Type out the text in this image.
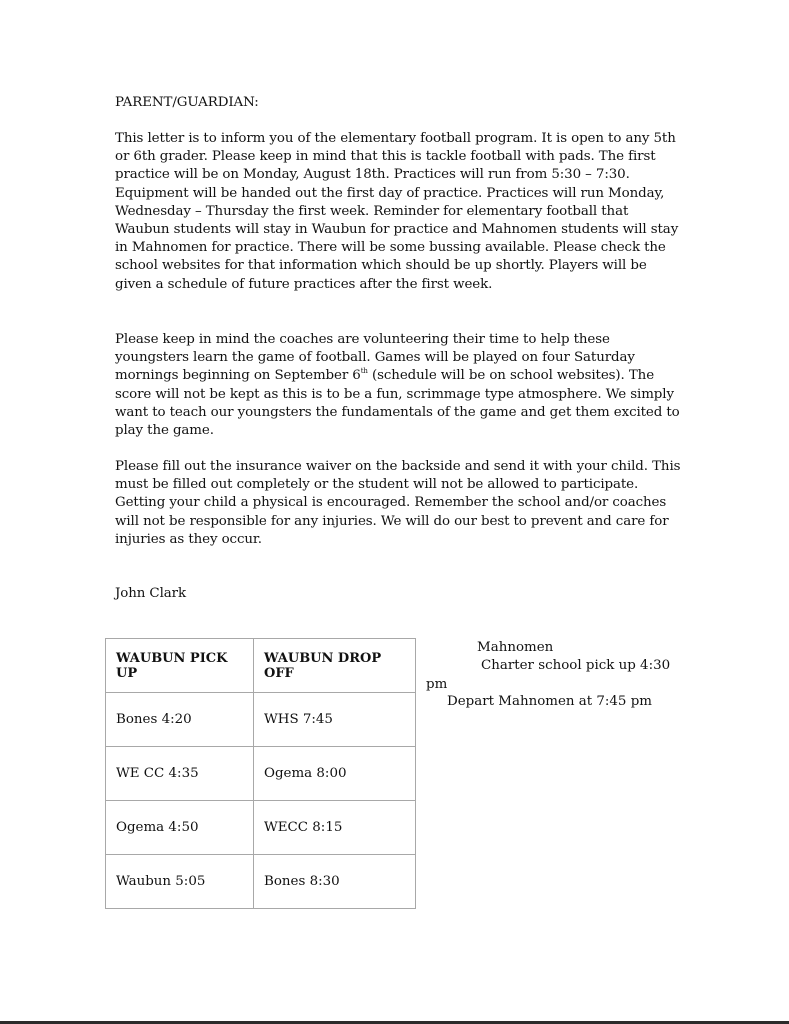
PARENT/GUARDIAN:
This letter is to inform you of the elementary football program. It is open to any 5th
or 6th grader. Please keep in mind that this is tackle football with pads. The first
practice will be on Monday, August 18th. Practices will run from 5:30 – 7:30.
Equipment will be handed out the first day of practice. Practices will run Monday,
Wednesday – Thursday the first week. Reminder for elementary football that
Waubun students will stay in Waubun for practice and Mahnomen students will stay
in Mahnomen for practice. There will be some bussing available. Please check the
school websites for that information which should be up shortly. Players will be
given a schedule of future practices after the first week.
Please keep in mind the coaches are volunteering their time to help these
youngsters learn the game of football. Games will be played on four Saturday
mornings beginning on September 6th (schedule will be on school websites). The
score will not be kept as this is to be a fun, scrimmage type atmosphere. We simply
want to teach our youngsters the fundamentals of the game and get them excited to
play the game.
Please fill out the insurance waiver on the backside and send it with your child. This
must be filled out completely or the student will not be allowed to participate.
Getting your child a physical is encouraged. Remember the school and/or coaches
will not be responsible for any injuries. We will do our best to prevent and care for
injuries as they occur.
John Clark
WAUBUN PICK UP	WAUBUN DROP OFF
Bones 4:20	WHS 7:45
WE CC 4:35	Ogema 8:00
Ogema 4:50	WECC 8:15
Waubun 5:05	Bones 8:30
Mahnomen
Charter school pick up 4:30
pm
Depart Mahnomen at 7:45 pm
